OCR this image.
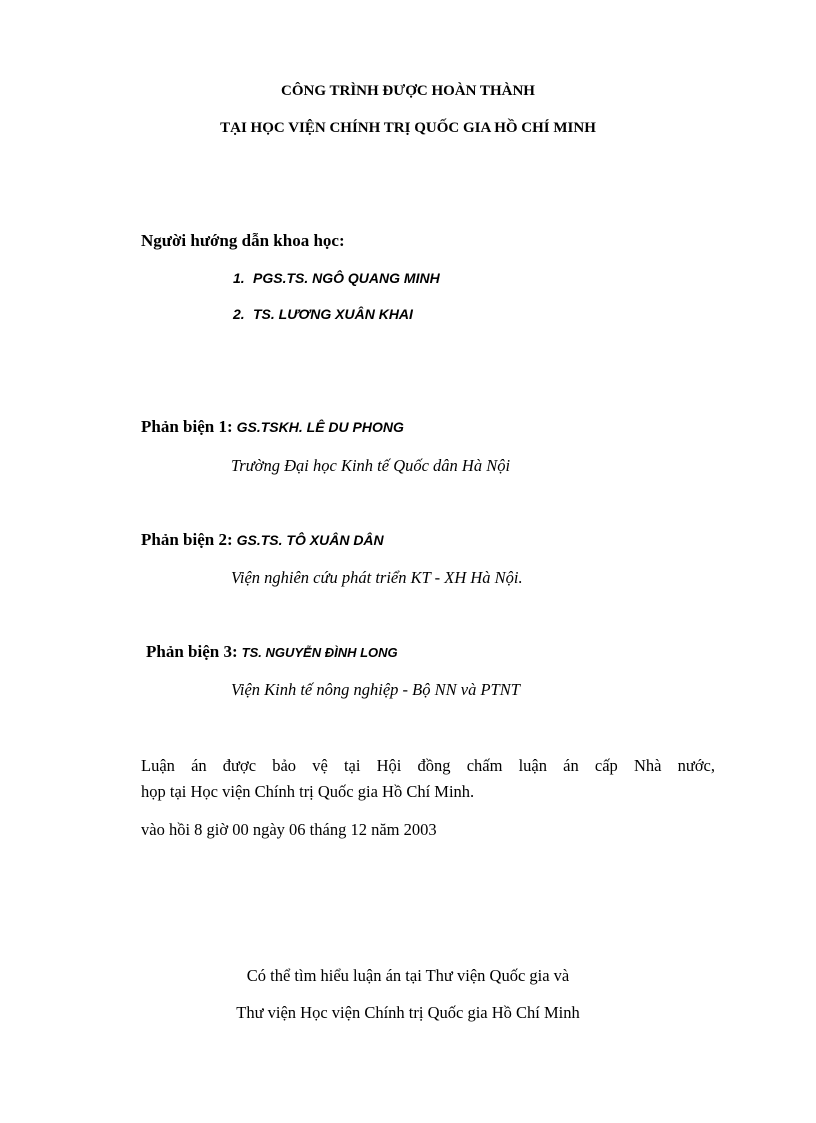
CÔNG TRÌNH ĐƯỢC HOÀN THÀNH
TẠI HỌC VIỆN CHÍNH TRỊ QUỐC GIA HỒ CHÍ MINH
Người hướng dẫn khoa học:
1. PGS.TS. NGÔ QUANG MINH
2. TS. LƯƠNG XUÂN KHAI
Phản biện 1: GS.TSKH. LÊ DU PHONG
Trường Đại học Kinh tế Quốc dân Hà Nội
Phản biện 2: GS.TS. TÔ XUÂN DÂN
Viện nghiên cứu phát triển KT - XH Hà Nội.
Phản biện 3: TS. NGUYỄN ĐÌNH LONG
Viện Kinh tế nông nghiệp - Bộ NN và PTNT
Luận án được bảo vệ tại Hội đồng chấm luận án cấp Nhà nước,
họp tại Học viện Chính trị Quốc gia Hồ Chí Minh.
vào hồi 8 giờ 00 ngày 06 tháng 12 năm 2003
Có thể tìm hiểu luận án tại Thư viện Quốc gia và
Thư viện Học viện Chính trị Quốc gia Hồ Chí Minh
